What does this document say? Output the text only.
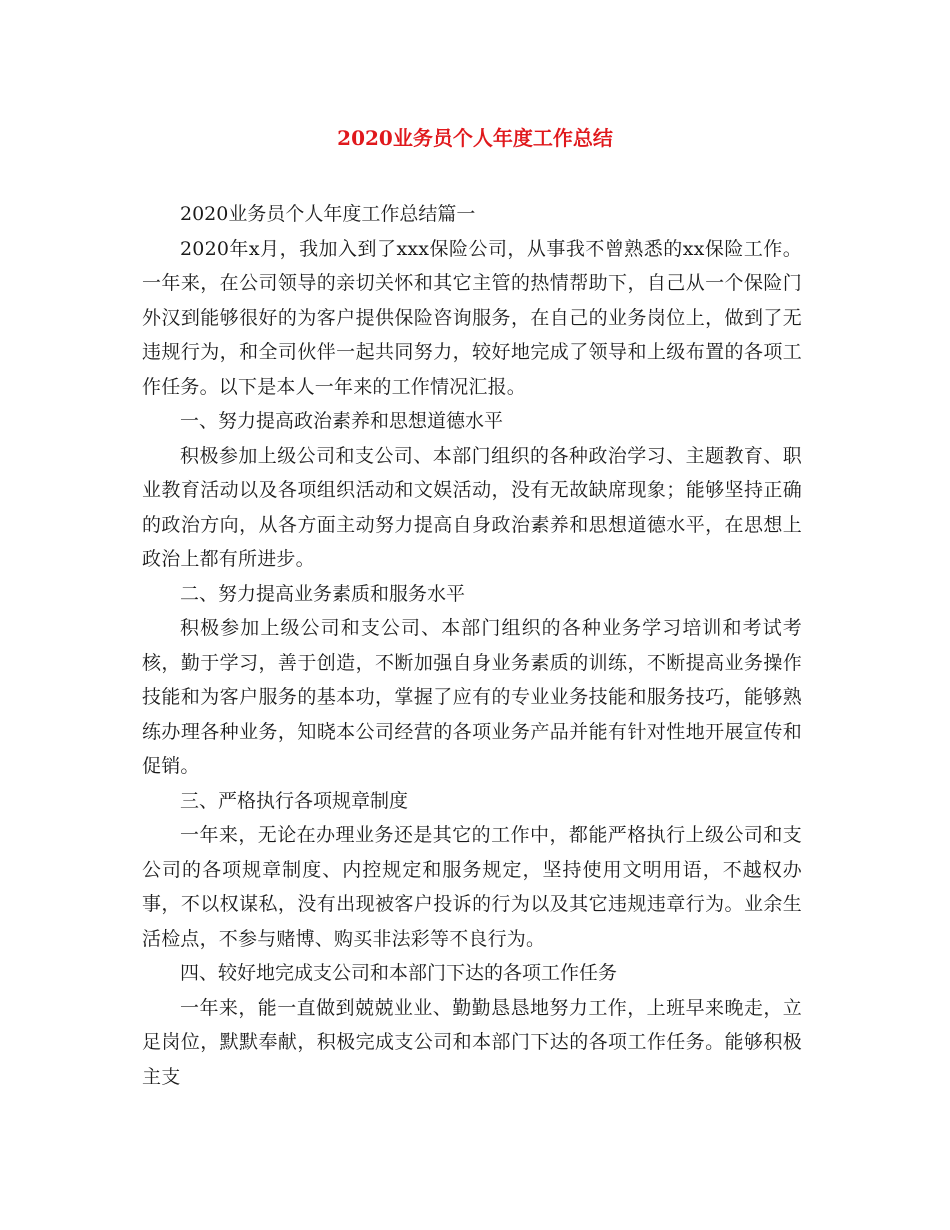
2020业务员个人年度工作总结

2020业务员个人年度工作总结篇一

2020年x月，我加入到了xxx保险公司，从事我不曾熟悉的xx保险工作。一年来，在公司领导的亲切关怀和其它主管的热情帮助下，自己从一个保险门外汉到能够很好的为客户提供保险咨询服务，在自己的业务岗位上，做到了无违规行为，和全司伙伴一起共同努力，较好地完成了领导和上级布置的各项工作任务。以下是本人一年来的工作情况汇报。

一、努力提高政治素养和思想道德水平

积极参加上级公司和支公司、本部门组织的各种政治学习、主题教育、职业教育活动以及各项组织活动和文娱活动，没有无故缺席现象；能够坚持正确的政治方向，从各方面主动努力提高自身政治素养和思想道德水平，在思想上政治上都有所进步。

二、努力提高业务素质和服务水平

积极参加上级公司和支公司、本部门组织的各种业务学习培训和考试考核，勤于学习，善于创造，不断加强自身业务素质的训练，不断提高业务操作技能和为客户服务的基本功，掌握了应有的专业业务技能和服务技巧，能够熟练办理各种业务，知晓本公司经营的各项业务产品并能有针对性地开展宣传和促销。

三、严格执行各项规章制度

一年来，无论在办理业务还是其它的工作中，都能严格执行上级公司和支公司的各项规章制度、内控规定和服务规定，坚持使用文明用语，不越权办事，不以权谋私，没有出现被客户投诉的行为以及其它违规违章行为。业余生活检点，不参与赌博、购买非法彩等不良行为。

四、较好地完成支公司和本部门下达的各项工作任务

一年来，能一直做到兢兢业业、勤勤恳恳地努力工作，上班早来晚走，立足岗位，默默奉献，积极完成支公司和本部门下达的各项工作任务。能够积极主支
